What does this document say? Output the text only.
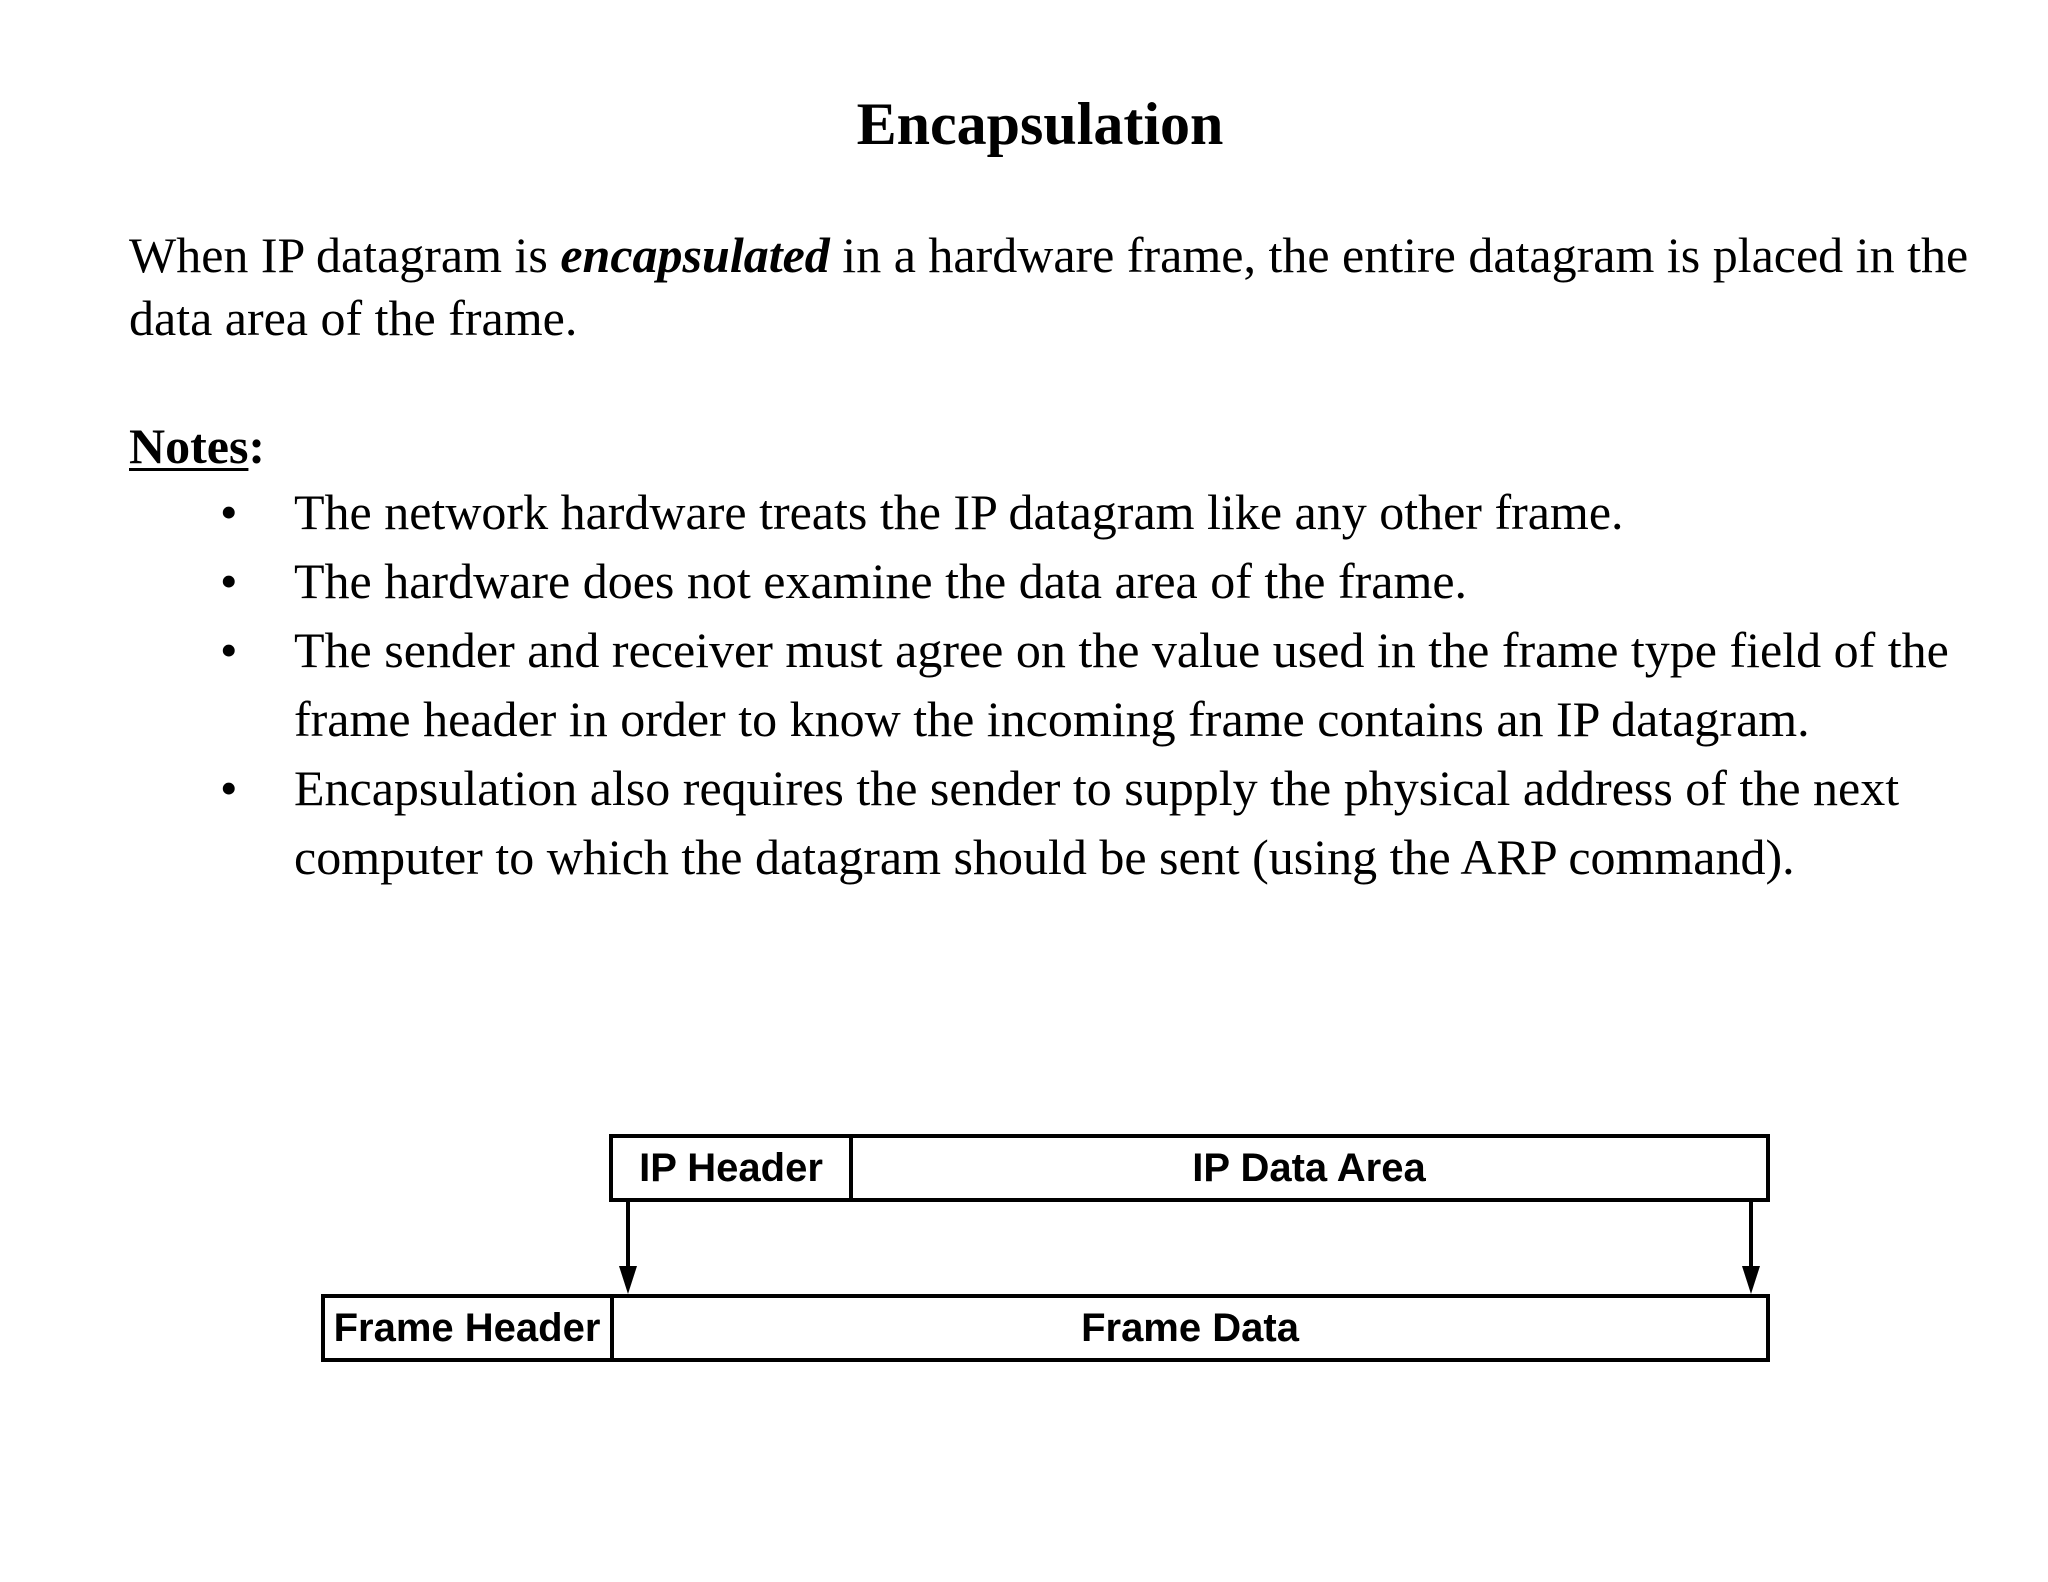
Encapsulation
When IP datagram is encapsulated in a hardware frame, the entire datagram is placed in the data area of the frame.
Notes:
• The network hardware treats the IP datagram like any other frame.
• The hardware does not examine the data area of the frame.
• The sender and receiver must agree on the value used in the frame type field of the frame header in order to know the incoming frame contains an IP datagram.
• Encapsulation also requires the sender to supply the physical address of the next computer to which the datagram should be sent (using the ARP command).
IP Header	IP Data Area
Frame Header	Frame Data
